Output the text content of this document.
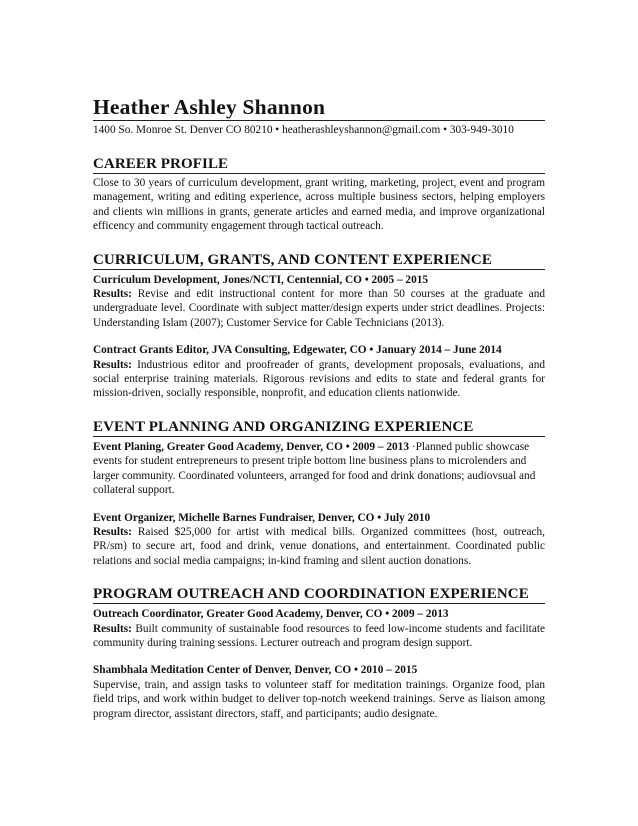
Heather Ashley Shannon
1400 So. Monroe St. Denver CO 80210 • heatherashleyshannon@gmail.com • 303-949-3010
CAREER PROFILE

Close to 30 years of curriculum development, grant writing, marketing, project, event and program management, writing and editing experience, across multiple business sectors, helping employers and clients win millions in grants, generate articles and earned media, and improve organizational efficency and community engagement through tactical outreach.

CURRICULUM, GRANTS, AND CONTENT EXPERIENCE
Curriculum Development, Jones/NCTI, Centennial, CO • 2005 – 2015

Results: Revise and edit instructional content for more than 50 courses at the graduate and undergraduate level. Coordinate with subject matter/design experts under strict deadlines. Projects: Understanding Islam (2007); Customer Service for Cable Technicians (2013).

Contract Grants Editor, JVA Consulting, Edgewater, CO • January 2014 – June 2014

Results: Industrious editor and proofreader of grants, development proposals, evaluations, and social enterprise training materials. Rigorous revisions and edits to state and federal grants for mission-driven, socially responsible, nonprofit, and education clients nationwide.

EVENT PLANNING AND ORGANIZING EXPERIENCE

Event Planing, Greater Good Academy, Denver, CO • 2009 – 2013 ·Planned public showcase events for student entrepreneurs to present triple bottom line business plans to microlenders and larger community. Coordinated volunteers, arranged for food and drink donations; audiovsual and collateral support.

Event Organizer, Michelle Barnes Fundraiser, Denver, CO • July 2010

Results: Raised $25,000 for artist with medical bills. Organized committees (host, outreach, PR/sm) to secure art, food and drink, venue donations, and entertainment. Coordinated public relations and social media campaigns; in-kind framing and silent auction donations.

PROGRAM OUTREACH AND COORDINATION EXPERIENCE
Outreach Coordinator, Greater Good Academy, Denver, CO • 2009 – 2013

Results: Built community of sustainable food resources to feed low-income students and facilitate community during training sessions. Lecturer outreach and program design support.

Shambhala Meditation Center of Denver, Denver, CO • 2010 – 2015

Supervise, train, and assign tasks to volunteer staff for meditation trainings. Organize food, plan field trips, and work within budget to deliver top-notch weekend trainings. Serve as liaison among program director, assistant directors, staff, and participants; audio designate.
